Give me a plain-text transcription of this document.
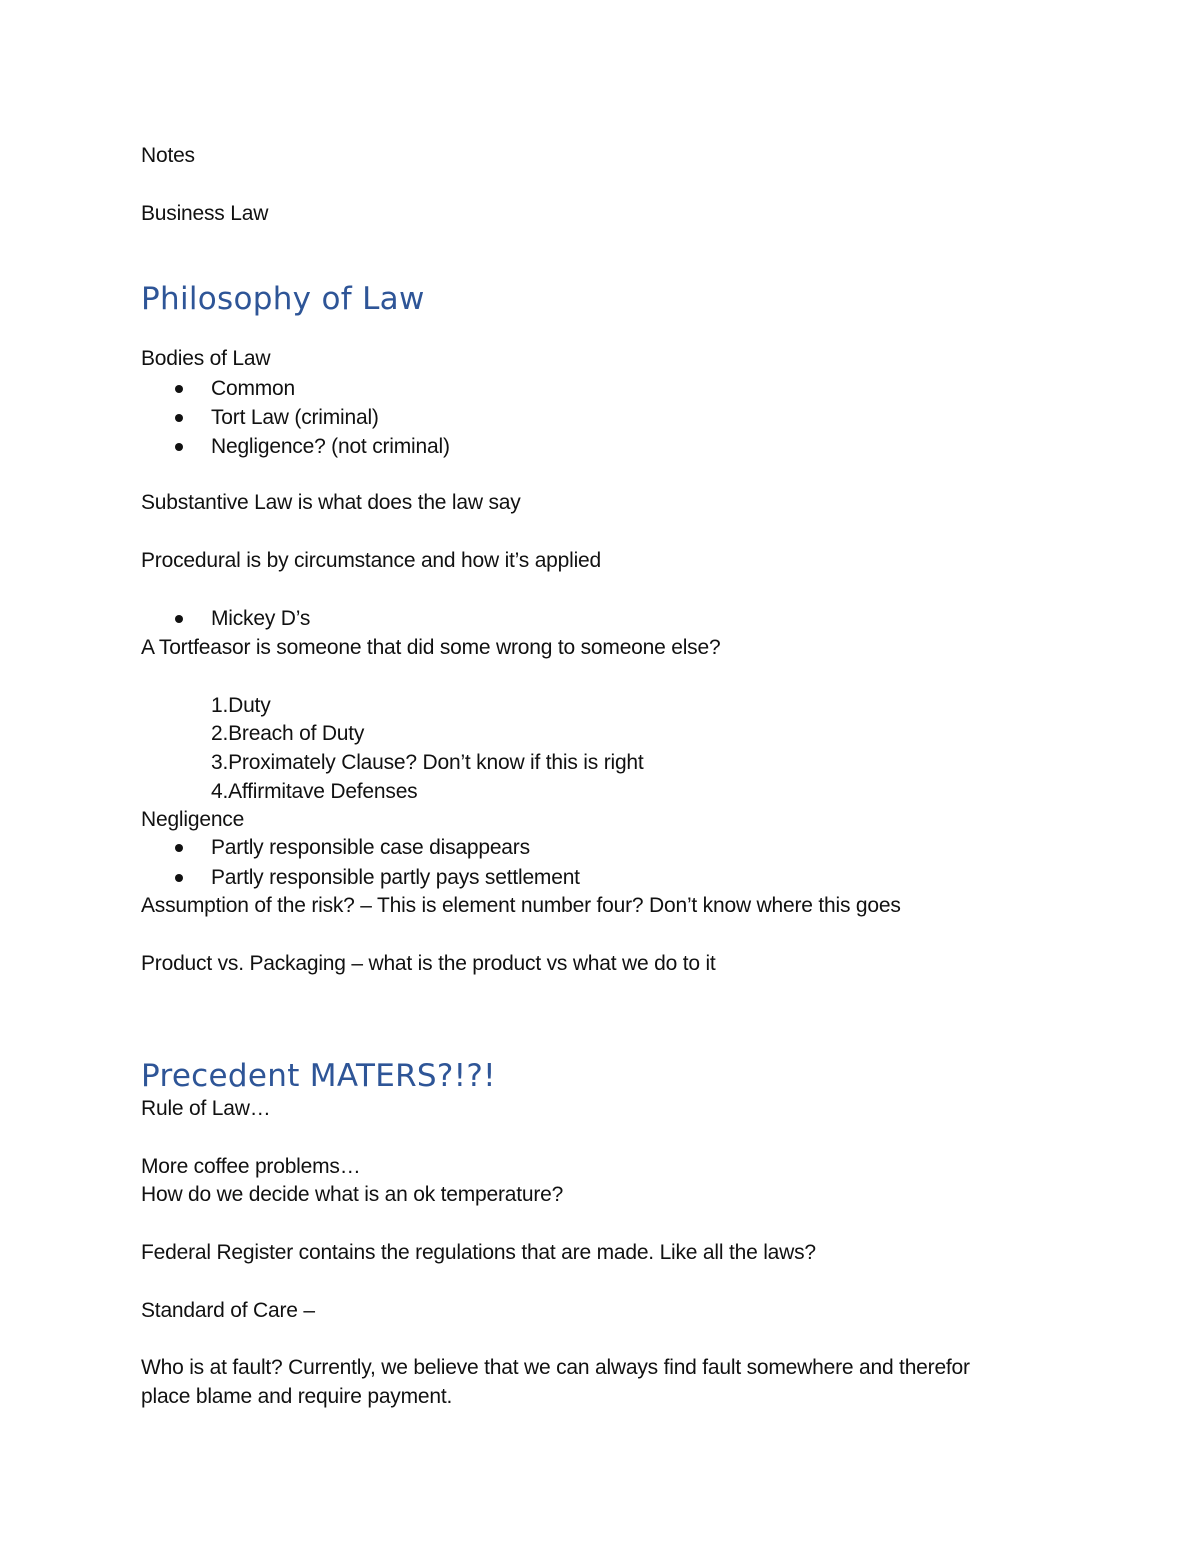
Notes
Business Law
Philosophy of Law
Bodies of Law
Common
Tort Law (criminal)
Negligence? (not criminal)
Substantive Law is what does the law say
Procedural is by circumstance and how it’s applied
Mickey D’s
A Tortfeasor is someone that did some wrong to someone else?
1.Duty
2.Breach of Duty
3.Proximately Clause? Don’t know if this is right
4.Affirmitave Defenses
Negligence
Partly responsible case disappears
Partly responsible partly pays settlement
Assumption of the risk? – This is element number four? Don’t know where this goes
Product vs. Packaging – what is the product vs what we do to it
Precedent MATERS?!?!
Rule of Law…
More coffee problems…
How do we decide what is an ok temperature?
Federal Register contains the regulations that are made. Like all the laws?
Standard of Care –
Who is at fault? Currently, we believe that we can always find fault somewhere and therefor
place blame and require payment.
